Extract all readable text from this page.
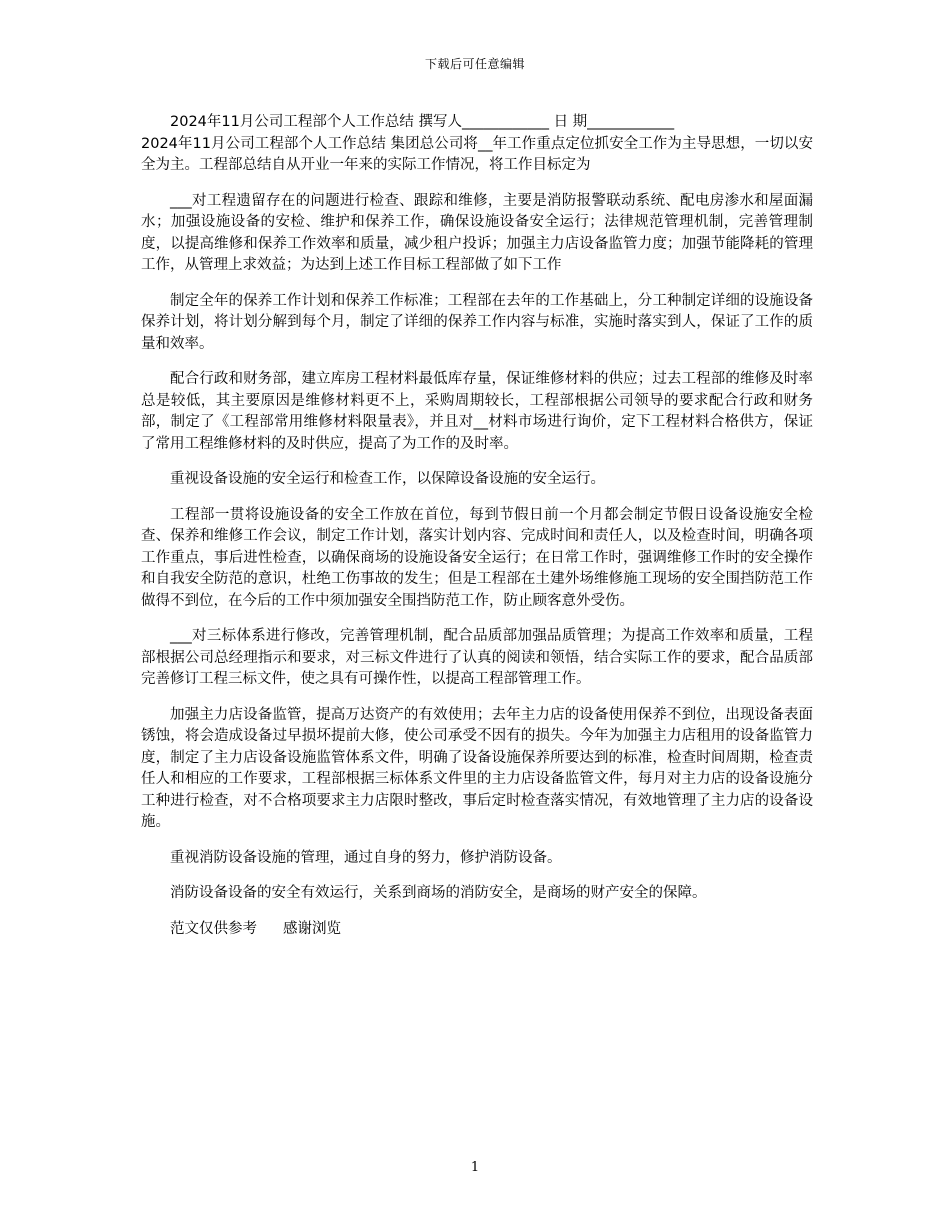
下载后可任意编辑

2024年11月公司工程部个人工作总结 撰写人____________ 日 期____________

2024年11月公司工程部个人工作总结 集团总公司将__年工作重点定位抓安全工作为主导思想，一切以安全为主。工程部总结自从开业一年来的实际工作情况，将工作目标定为

___对工程遗留存在的问题进行检查、跟踪和维修，主要是消防报警联动系统、配电房渗水和屋面漏水；加强设施设备的安检、维护和保养工作，确保设施设备安全运行；法律规范管理机制，完善管理制度，以提高维修和保养工作效率和质量，减少租户投诉；加强主力店设备监管力度；加强节能降耗的管理工作，从管理上求效益；为达到上述工作目标工程部做了如下工作

制定全年的保养工作计划和保养工作标准；工程部在去年的工作基础上，分工种制定详细的设施设备保养计划，将计划分解到每个月，制定了详细的保养工作内容与标准，实施时落实到人，保证了工作的质量和效率。

配合行政和财务部，建立库房工程材料最低库存量，保证维修材料的供应；过去工程部的维修及时率总是较低，其主要原因是维修材料更不上，采购周期较长，工程部根据公司领导的要求配合行政和财务部，制定了《工程部常用维修材料限量表》，并且对__材料市场进行询价，定下工程材料合格供方，保证了常用工程维修材料的及时供应，提高了为工作的及时率。

重视设备设施的安全运行和检查工作，以保障设备设施的安全运行。

工程部一贯将设施设备的安全工作放在首位，每到节假日前一个月都会制定节假日设备设施安全检查、保养和维修工作会议，制定工作计划，落实计划内容、完成时间和责任人，以及检查时间，明确各项工作重点，事后进性检查，以确保商场的设施设备安全运行；在日常工作时，强调维修工作时的安全操作和自我安全防范的意识，杜绝工伤事故的发生；但是工程部在土建外场维修施工现场的安全围挡防范工作做得不到位，在今后的工作中须加强安全围挡防范工作，防止顾客意外受伤。

___对三标体系进行修改，完善管理机制，配合品质部加强品质管理；为提高工作效率和质量，工程部根据公司总经理指示和要求，对三标文件进行了认真的阅读和领悟，结合实际工作的要求，配合品质部完善修订工程三标文件，使之具有可操作性，以提高工程部管理工作。

加强主力店设备监管，提高万达资产的有效使用；去年主力店的设备使用保养不到位，出现设备表面锈蚀，将会造成设备过早损坏提前大修，使公司承受不因有的损失。今年为加强主力店租用的设备监管力度，制定了主力店设备设施监管体系文件，明确了设备设施保养所要达到的标准，检查时间周期，检查责任人和相应的工作要求，工程部根据三标体系文件里的主力店设备监管文件，每月对主力店的设备设施分工种进行检查，对不合格项要求主力店限时整改，事后定时检查落实情况，有效地管理了主力店的设备设施。

重视消防设备设施的管理，通过自身的努力，修护消防设备。

消防设备设备的安全有效运行，关系到商场的消防安全，是商场的财产安全的保障。

范文仅供参考 感谢浏览

1
